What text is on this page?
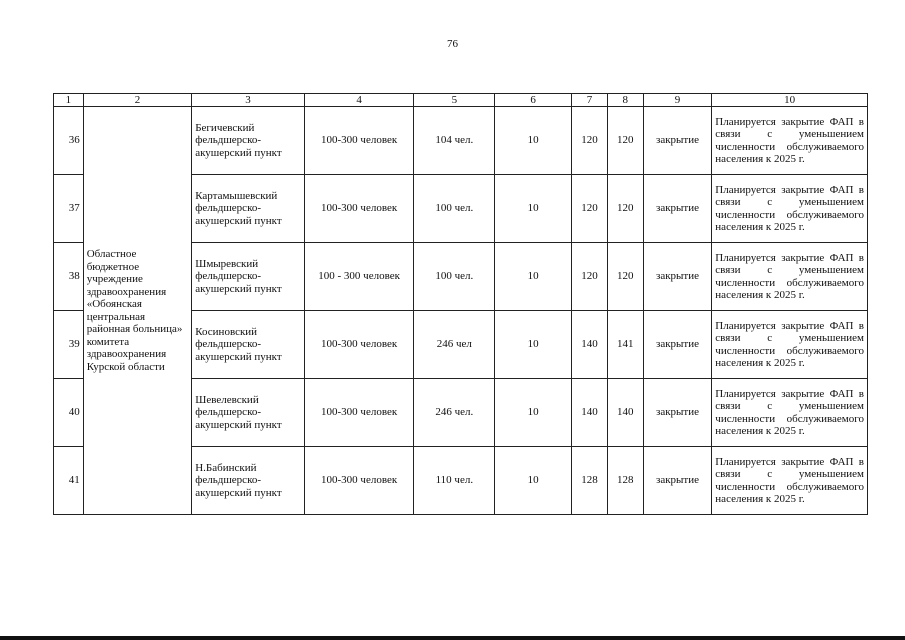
76
1	2	3	4	5	6	7	8	9	10
36	Областное бюджетное учреждение здравоохранения «Обоянская центральная районная больница» комитета здравоохранения Курской области	Бегичевский фельдшерско-акушерский пункт	100-300 человек	104 чел.	10	120	120	закрытие	Планируется закрытие ФАП в связи с уменьшением численности обслуживаемого населения к 2025 г.
37		Картамышевский фельдшерско-акушерский пункт	100-300 человек	100 чел.	10	120	120	закрытие	Планируется закрытие ФАП в связи с уменьшением численности обслуживаемого населения к 2025 г.
38		Шмыревский фельдшерско-акушерский пункт	100 - 300 человек	100 чел.	10	120	120	закрытие	Планируется закрытие ФАП в связи с уменьшением численности обслуживаемого населения к 2025 г.
39		Косиновский фельдшерско-акушерский пункт	100-300 человек	246 чел	10	140	141	закрытие	Планируется закрытие ФАП в связи с уменьшением численности обслуживаемого населения к 2025 г.
40		Шевелевский фельдшерско-акушерский пункт	100-300 человек	246 чел.	10	140	140	закрытие	Планируется закрытие ФАП в связи с уменьшением численности обслуживаемого населения к 2025 г.
41		Н.Бабинский фельдшерско-акушерский пункт	100-300 человек	110 чел.	10	128	128	закрытие	Планируется закрытие ФАП в связи с уменьшением численности обслуживаемого населения к 2025 г.
